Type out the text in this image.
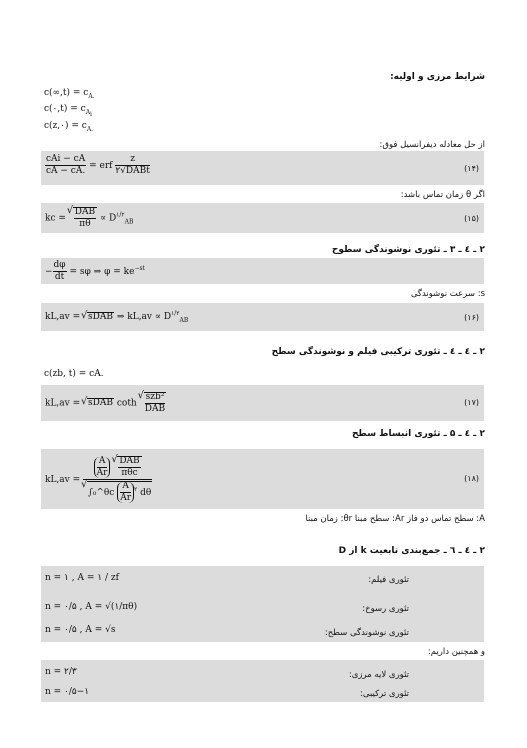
شرایط مرزی و اولیه:
$c(\infty,t) = c_{A.}$
c(۰,t) = $c_{A_i}$
c(z,۰) = $c_{A.}$
از حل معادله دیفرانسیل فوق:
$\frac{\text{cAi − cA}}{cA - cA.}$ = erf $\frac{z}{\text{۲√DABt}}$	(۱۴)
اگر θ زمان تماس باشد:
kc = √ $\frac{\text{DAB}}{\pi\theta} \propto D^{۱/۲}_{AB}$	(۱۵)
۲ ـ ٤ ـ ۳ ـ تئوری نوشوندگی سطوح
− $\frac{d\varphi}{dt} = s\varphi$ ⇒ $\varphi = ke^{-st}$
s: سرعت نوشوندگی
kL,av = √ sDAB ⇒ $kL,av \propto D^{۱/۲}_{AB}$	(۱۶)
۲ ـ ٤ ـ ٤ ـ تئوری ترکیبی فیلم و نوشوندگی سطح
c(zb, t) = cA.
kL,av = √ sDAB coth √ $\frac{\text{szb²}}{\text{DAB}}$	(۱۷)
۲ ـ ٤ ـ ۵ ـ تئوری انبساط سطح
$kL,av = \frac{A}{Ar}$
√ $\frac{\text{DAB}}{\text{πθc}}$
√ ∫₀^θc $\frac{A}{Ar} ^۲$ dθ	(۱۸)
A: سطح تماس دو فاز Ar: سطح مبنا θr: زمان مبنا
۲ ـ ٤ ـ ٦ ـ جمع‌بندی تابعیت k از D
n = ۱ , A = ۱ / zf	تئوری فیلم:
n = ۰/۵ , A = √(۱/πθ)	تئوری رسوخ:
n = ۰/۵ , A = √s	تئوری نوشوندگی سطح:
و همچنین داریم:
n = ۲/۳	تئوری لایه مرزی:
n = ۰/۵−۱	تئوری ترکیبی:
